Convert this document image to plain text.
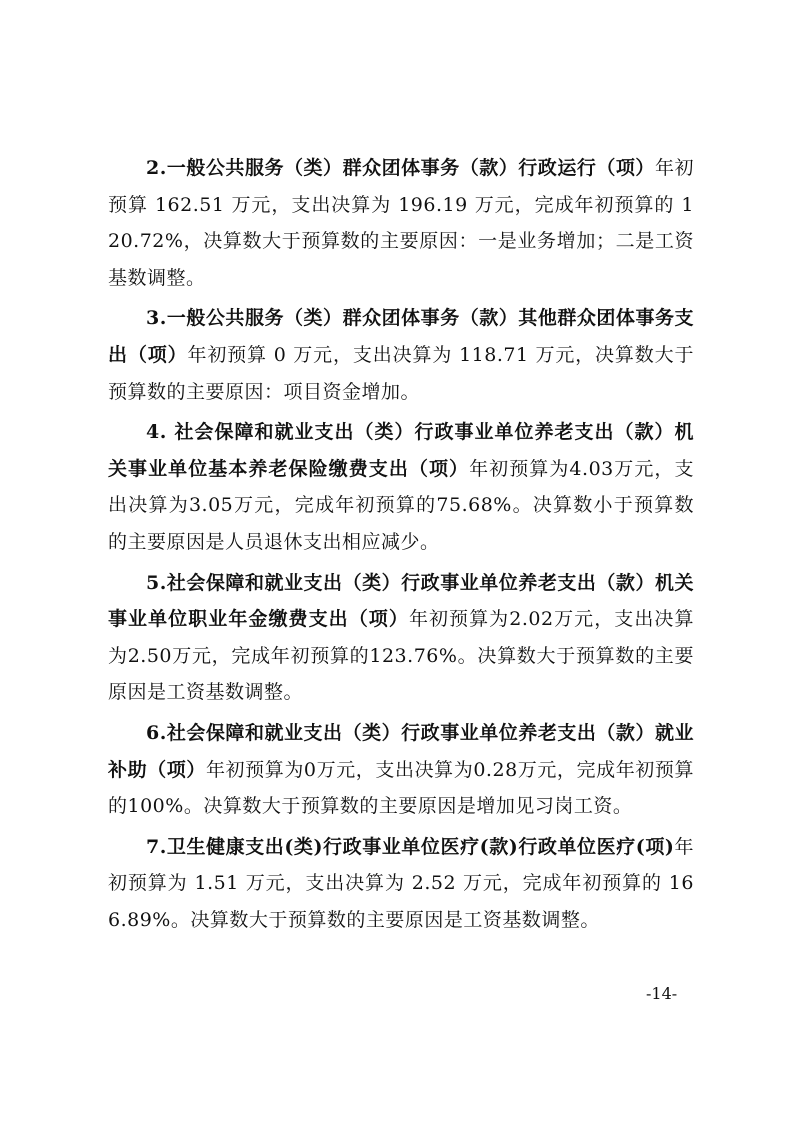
2.一般公共服务（类）群众团体事务（款）行政运行（项）年初预算 162.51 万元，支出决算为 196.19 万元，完成年初预算的 120.72%，决算数大于预算数的主要原因：一是业务增加；二是工资基数调整。

3.一般公共服务（类）群众团体事务（款）其他群众团体事务支出（项）年初预算 0 万元，支出决算为 118.71 万元，决算数大于预算数的主要原因：项目资金增加。

4. 社会保障和就业支出（类）行政事业单位养老支出（款）机关事业单位基本养老保险缴费支出（项）年初预算为4.03万元，支出决算为3.05万元，完成年初预算的75.68%。决算数小于预算数的主要原因是人员退休支出相应减少。

5.社会保障和就业支出（类）行政事业单位养老支出（款）机关事业单位职业年金缴费支出（项）年初预算为2.02万元，支出决算为2.50万元，完成年初预算的123.76%。决算数大于预算数的主要原因是工资基数调整。

6.社会保障和就业支出（类）行政事业单位养老支出（款）就业补助（项）年初预算为0万元，支出决算为0.28万元，完成年初预算的100%。决算数大于预算数的主要原因是增加见习岗工资。

7.卫生健康支出(类)行政事业单位医疗(款)行政单位医疗(项)年初预算为 1.51 万元，支出决算为 2.52 万元，完成年初预算的 166.89%。决算数大于预算数的主要原因是工资基数调整。

-14-
